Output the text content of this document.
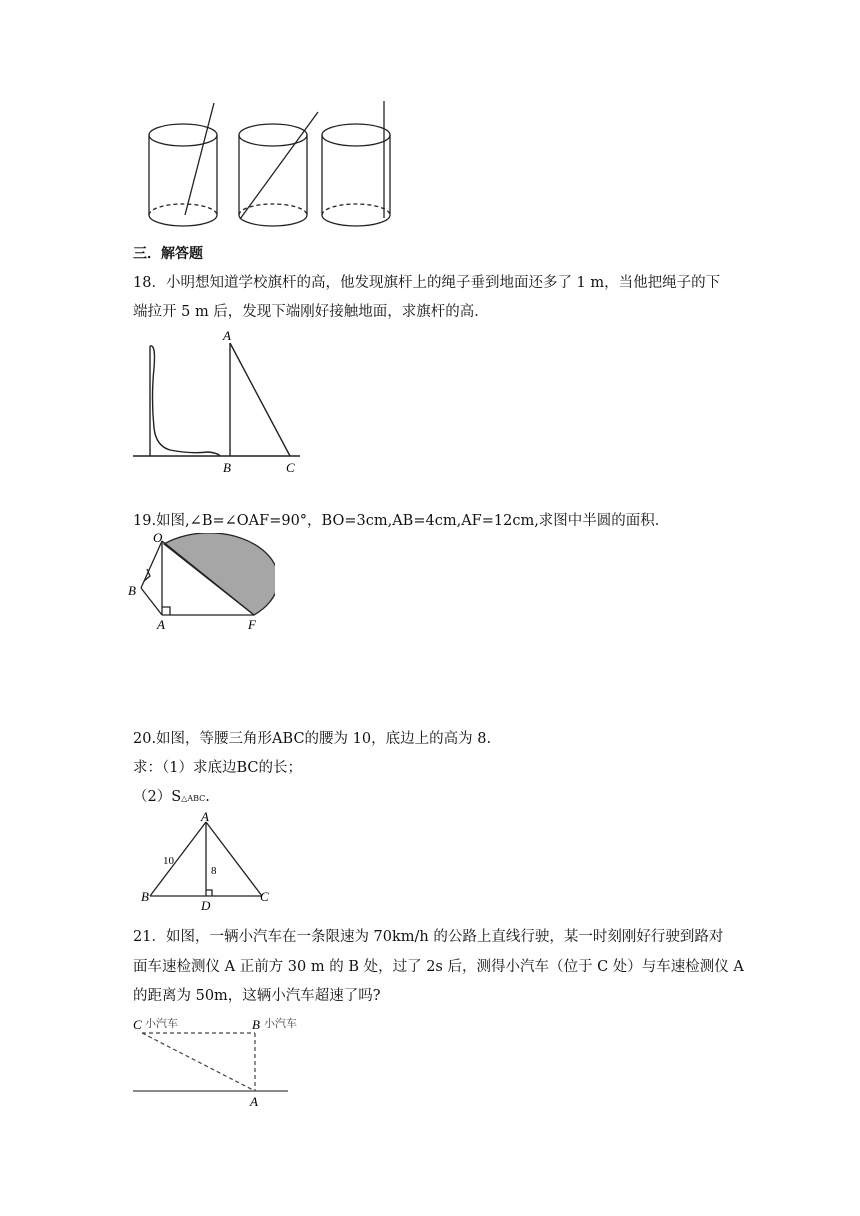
三．解答题
18．小明想知道学校旗杆的高，他发现旗杆上的绳子垂到地面还多了 1 m，当他把绳子的下
端拉开 5 m 后，发现下端刚好接触地面，求旗杆的高．
A
B	C
19.如图,∠B=∠OAF=90°，BO=3cm,AB=4cm,AF=12cm,求图中半圆的面积．
O
B
A	F
20.如图，等腰三角形ABC的腰为 10，底边上的高为 8.
求：（1）求底边BC的长；
（2）S△ABC.
A
B	C
D
10
8
21．如图，一辆小汽车在一条限速为 70km/h 的公路上直线行驶，某一时刻刚好行驶到路对
面车速检测仪 A 正前方 30 m 的 B 处，过了 2s 后，测得小汽车（位于 C 处）与车速检测仪 A
的距离为 50m，这辆小汽车超速了吗?
C 小汽车	B 小汽车
A
